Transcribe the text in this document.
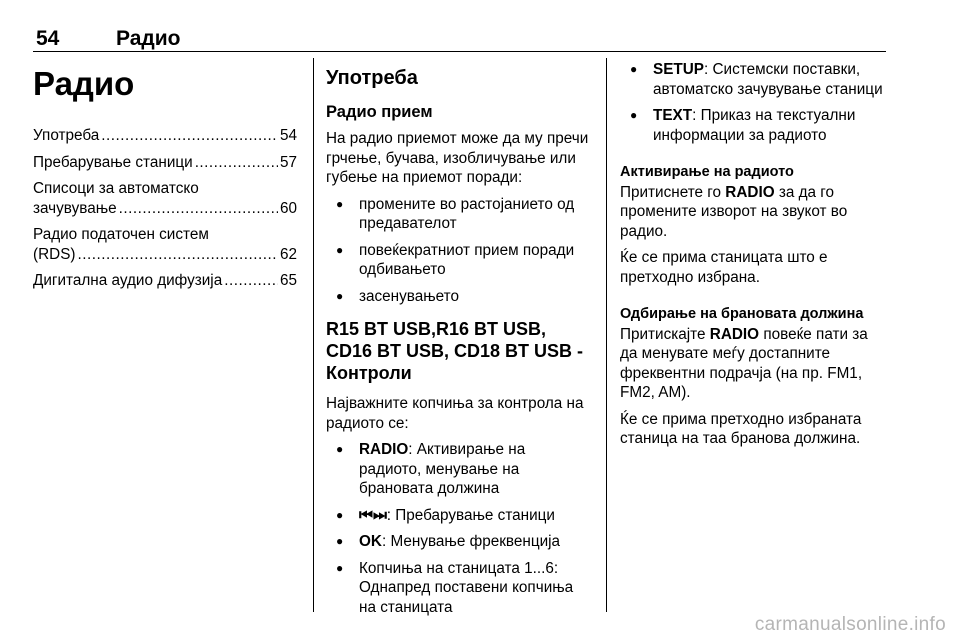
54	Радио
Радио
Употреба .....	54
Пребарување станици .....	57
Списоци за автоматско
зачувување .....	60
Радио податочен систем
(RDS) .....	62
Дигитална аудио дифузија .....	65
Употреба
Радио прием

На радио приемот може да му пречи грчење, бучава, изобличување или губење на приемот поради:

● промените во растојанието од предавателот
● повеќекратниот прием поради одбивањето
● засенувањето
R15 BT USB,R16 BT USB, CD16 BT USB, CD18 BT USB - Контроли

Најважните копчиња за контрола на радиото се:

● RADIO: Активирање на радиото, менување на брановата должина
● ⏮ ⏭ : Пребарување станици
● OK: Менување фреквенција
● Копчиња на станицата 1...6: Однапред поставени копчиња на станицата
● SETUP: Системски поставки, автоматско зачувување станици
● TEXT: Приказ на текстуални информации за радиото
Активирање на радиото

Притиснете го RADIO за да го промените изворот на звукот во радио.

Ќе се прима станицата што е претходно избрана.

Одбирање на брановата должина

Притискајте RADIO повеќе пати за да менувате меѓу достапните фреквентни подрачја (на пр. FM1, FM2, AM).

Ќе се прима претходно избраната станица на таа бранова должина.

carmanualsonline.info
